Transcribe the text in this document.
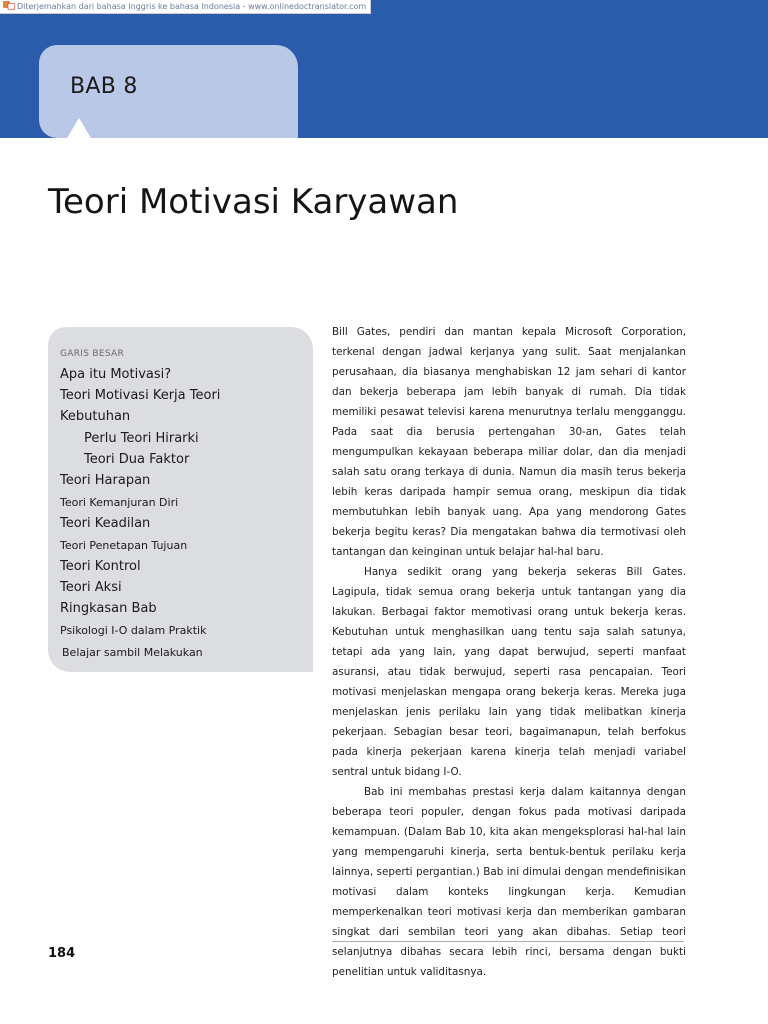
Diterjemahkan dari bahasa Inggris ke bahasa Indonesia - www.onlinedoctranslator.com
BAB 8
Teori Motivasi Karyawan
GARIS BESAR
Apa itu Motivasi?
Teori Motivasi Kerja Teori
Kebutuhan
Perlu Teori Hirarki
Teori Dua Faktor
Teori Harapan
Teori Kemanjuran Diri
Teori Keadilan
Teori Penetapan Tujuan
Teori Kontrol
Teori Aksi
Ringkasan Bab
Psikologi I-O dalam Praktik
Belajar sambil Melakukan

Bill Gates, pendiri dan mantan kepala Microsoft Corporation, terkenal dengan jadwal kerjanya yang sulit. Saat menjalankan perusahaan, dia biasanya menghabiskan 12 jam sehari di kantor dan bekerja beberapa jam lebih banyak di rumah. Dia tidak memiliki pesawat televisi karena menurutnya terlalu mengganggu. Pada saat dia berusia pertengahan 30-an, Gates telah mengumpulkan kekayaan beberapa miliar dolar, dan dia menjadi salah satu orang terkaya di dunia. Namun dia masih terus bekerja lebih keras daripada hampir semua orang, meskipun dia tidak membutuhkan lebih banyak uang. Apa yang mendorong Gates bekerja begitu keras? Dia mengatakan bahwa dia termotivasi oleh tantangan dan keinginan untuk belajar hal-hal baru.

Hanya sedikit orang yang bekerja sekeras Bill Gates. Lagipula, tidak semua orang bekerja untuk tantangan yang dia lakukan. Berbagai faktor memotivasi orang untuk bekerja keras. Kebutuhan untuk menghasilkan uang tentu saja salah satunya, tetapi ada yang lain, yang dapat berwujud, seperti manfaat asuransi, atau tidak berwujud, seperti rasa pencapaian. Teori motivasi menjelaskan mengapa orang bekerja keras. Mereka juga menjelaskan jenis perilaku lain yang tidak melibatkan kinerja pekerjaan. Sebagian besar teori, bagaimanapun, telah berfokus pada kinerja pekerjaan karena kinerja telah menjadi variabel sentral untuk bidang I-O.

Bab ini membahas prestasi kerja dalam kaitannya dengan beberapa teori populer, dengan fokus pada motivasi daripada kemampuan. (Dalam Bab 10, kita akan mengeksplorasi hal-hal lain yang mempengaruhi kinerja, serta bentuk-bentuk perilaku kerja lainnya, seperti pergantian.) Bab ini dimulai dengan mendefinisikan motivasi dalam konteks lingkungan kerja. Kemudian memperkenalkan teori motivasi kerja dan memberikan gambaran singkat dari sembilan teori yang akan dibahas. Setiap teori selanjutnya dibahas secara lebih rinci, bersama dengan bukti penelitian untuk validitasnya.

184
